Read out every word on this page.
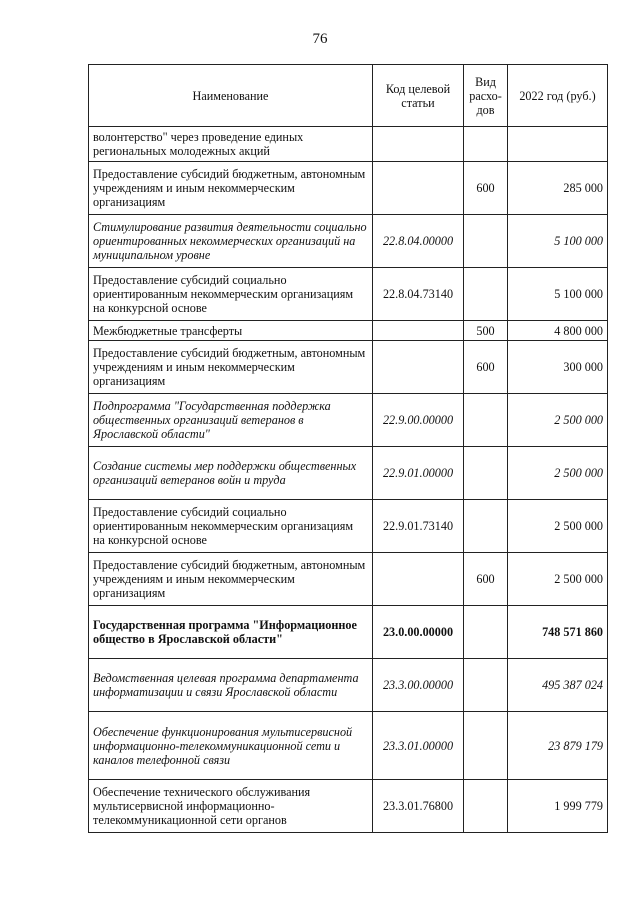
76
Наименование	Код целевой статьи	Вид расхо-дов	2022 год (руб.)
волонтерство" через проведение единых региональных молодежных акций			
Предоставление субсидий бюджетным, автономным учреждениям и иным некоммерческим организациям		600	285 000
Стимулирование развития деятельности социально ориентированных некоммерческих организаций на муниципальном уровне	22.8.04.00000		5 100 000
Предоставление субсидий социально ориентированным некоммерческим организациям на конкурсной основе	22.8.04.73140		5 100 000
Межбюджетные трансферты		500	4 800 000
Предоставление субсидий бюджетным, автономным учреждениям и иным некоммерческим организациям		600	300 000
Подпрограмма "Государственная поддержка общественных организаций ветеранов в Ярославской области"	22.9.00.00000		2 500 000
Создание системы мер поддержки общественных организаций ветеранов войн и труда	22.9.01.00000		2 500 000
Предоставление субсидий социально ориентированным некоммерческим организациям на конкурсной основе	22.9.01.73140		2 500 000
Предоставление субсидий бюджетным, автономным учреждениям и иным некоммерческим организациям		600	2 500 000
Государственная программа "Информационное общество в Ярославской области"	23.0.00.00000		748 571 860
Ведомственная целевая программа департамента информатизации и связи Ярославской области	23.3.00.00000		495 387 024
Обеспечение функционирования мультисервисной информационно-телекоммуникационной сети и каналов телефонной связи	23.3.01.00000		23 879 179
Обеспечение технического обслуживания мультисервисной информационно-телекоммуникационной сети органов	23.3.01.76800		1 999 779
